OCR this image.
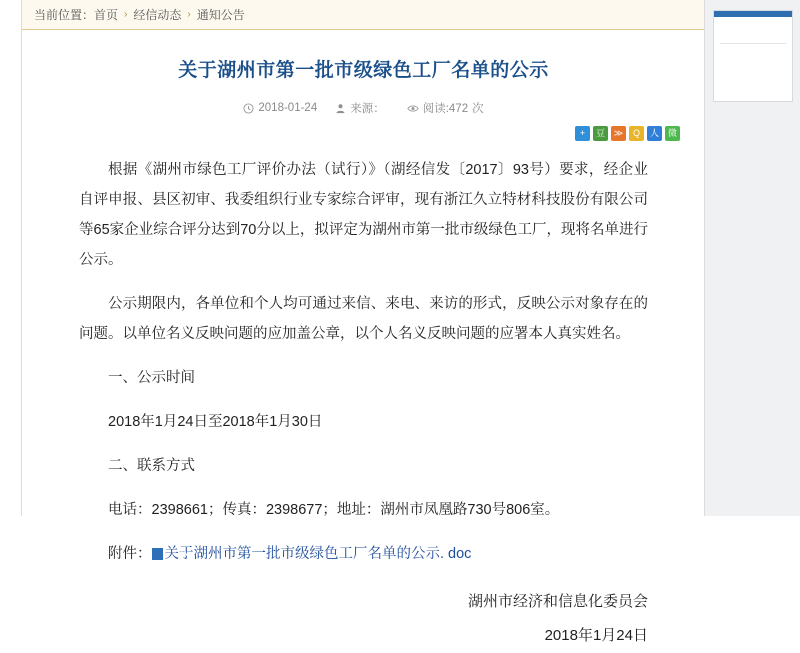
当前位置： 首页 › 经信动态 › 通知公告
关于湖州市第一批市级绿色工厂名单的公示
2018-01-24	来源：	阅读:472 次
+	豆 ≫	Q	人 微

根据《湖州市绿色工厂评价办法（试行）》（湖经信发〔2017〕93号）要求，经企业自评申报、县区初审、我委组织行业专家综合评审，现有浙江久立特材科技股份有限公司等65家企业综合评分达到70分以上，拟评定为湖州市第一批市级绿色工厂，现将名单进行公示。

公示期限内，各单位和个人均可通过来信、来电、来访的形式，反映公示对象存在的问题。以单位名义反映问题的应加盖公章，以个人名义反映问题的应署本人真实姓名。

一、公示时间

2018年1月24日至2018年1月30日

二、联系方式

电话：2398661；传真：2398677；地址：湖州市凤凰路730号806室。

附件： W 关于湖州市第一批市级绿色工厂名单的公示. doc

湖州市经济和信息化委员会
2018年1月24日
